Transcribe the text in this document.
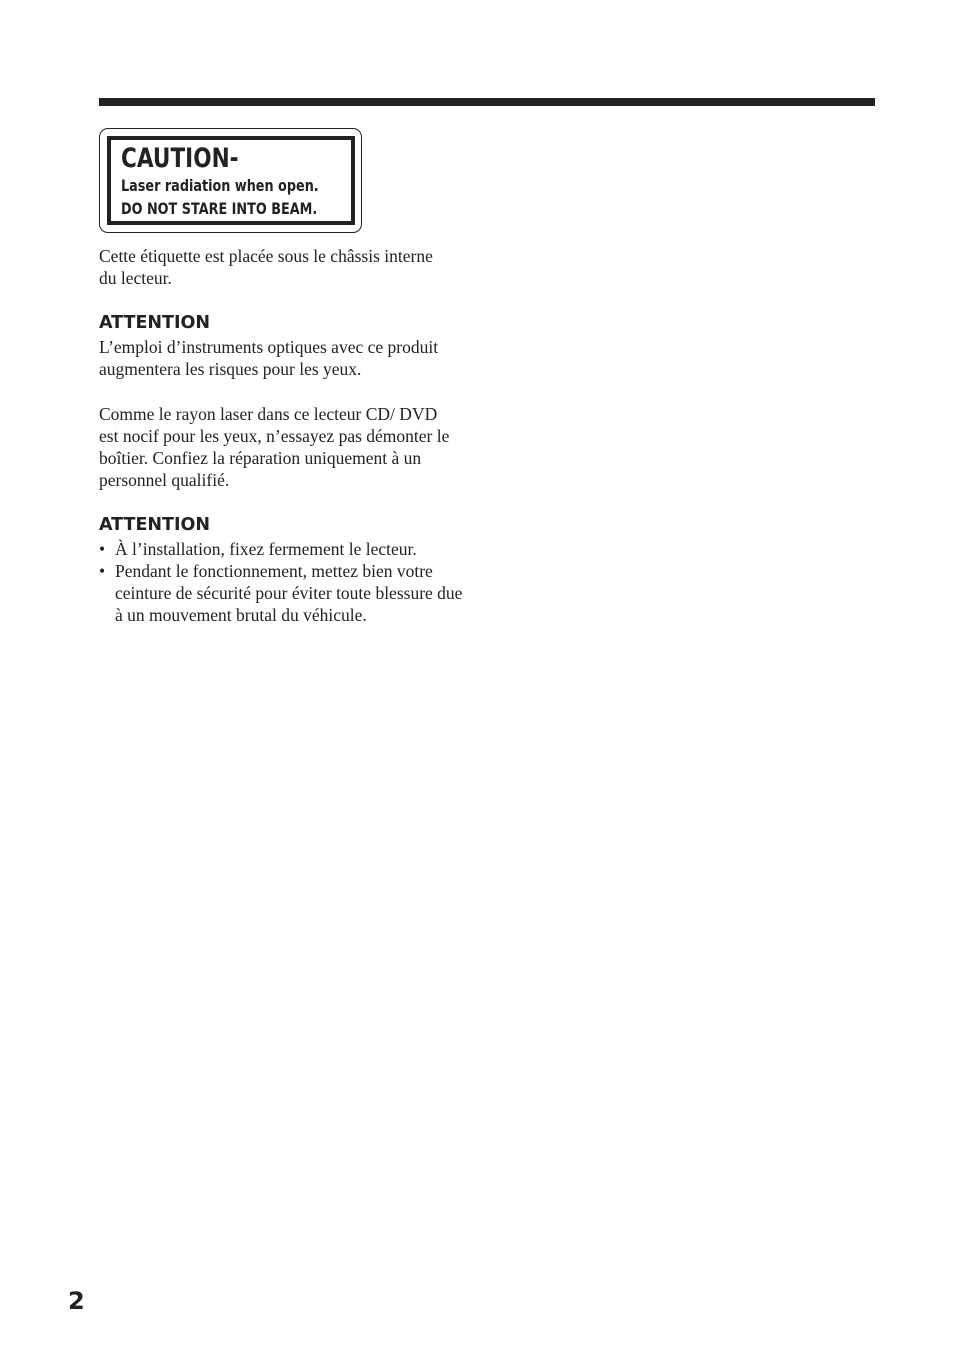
CAUTION-
Laser radiation when open.
DO NOT STARE INTO BEAM.

Cette étiquette est placée sous le châssis interne du lecteur.

ATTENTION

L’emploi d’instruments optiques avec ce produit augmentera les risques pour les yeux.

Comme le rayon laser dans ce lecteur CD/ DVD est nocif pour les yeux, n’essayez pas démonter le boîtier. Confiez la réparation uniquement à un personnel qualifié.

ATTENTION
• À l’installation, fixez fermement le lecteur.
• Pendant le fonctionnement, mettez bien votre ceinture de sécurité pour éviter toute blessure due à un mouvement brutal du véhicule.

2
